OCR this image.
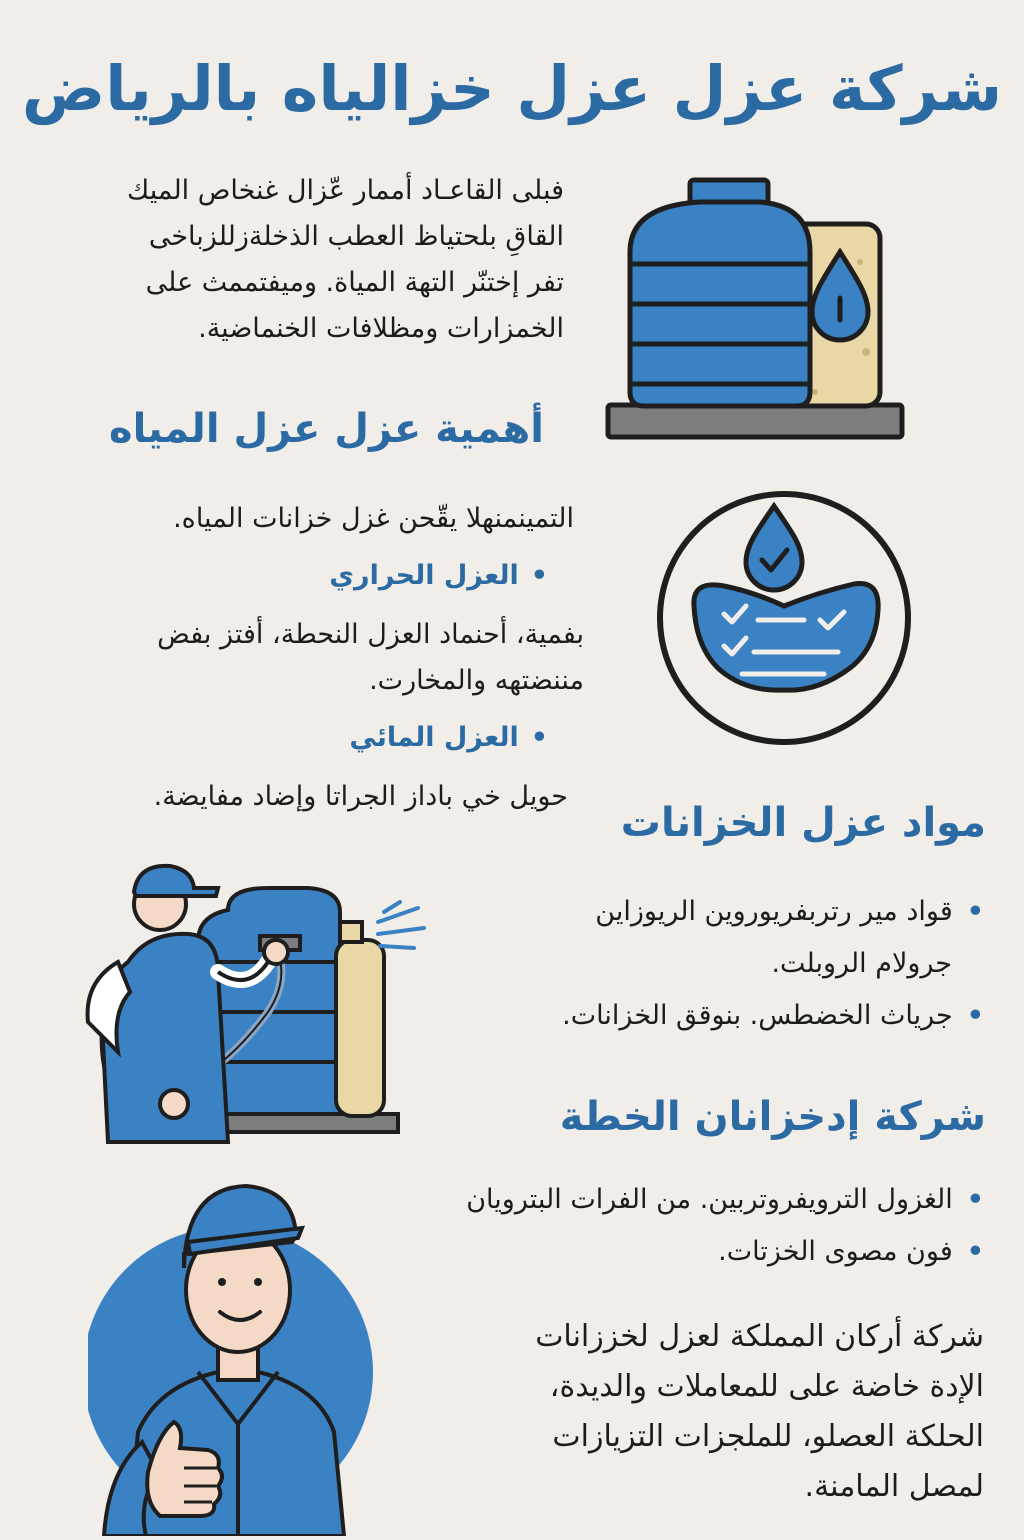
شركة عزل عزل خزالياه بالرياض

فبلى القاعـاد أممار عّزال غنخاص الميك

القاقِ بلحتياظ العطب الذخلةزللزباخى

تفر إختنّر التهة المياة. وميفتممث على

الخمزارات ومظلافات الخنماضية.

أهمية عزل عزل المياه

التمينمنهلا يقّحن غزل خزانات المياه.

•العزل الحراري

بفمية، أحنماد العزل النحطة، أفتز بفض

مننضتهه والمخارت.

•العزل المائي

حويل خي باداز الجراتا وإضاد مفايضة.

مواد عزل الخزانات
•قواد مير رتربفريوروين الريوزاين
جرولام الروبلت.
•جرياث الخضطس. بنوقق الخزانات.
شركة إدخزانان الخطة
•الغزول الترويفروتربين. من الفرات البترويان
•فون مصوى الخزتات.

شركة أركان المملكة لعزل لخززانات

الإدة خاضة على للمعاملات والديدة،

الحلكة العصلو، للملجزات التزيازات

لمصل المامنة.
